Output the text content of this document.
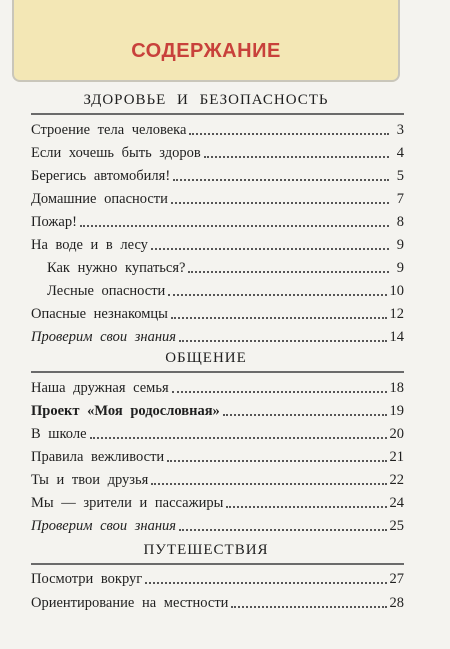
СОДЕРЖАНИЕ
ЗДОРОВЬЕ И БЕЗОПАСНОСТЬ
Строение тела человека	3
Если хочешь быть здоров	4
Берегись автомобиля!	5
Домашние опасности	7
Пожар!	8
На воде и в лесу	9
Как нужно купаться?	9
Лесные опасности	10
Опасные незнакомцы	12
Проверим свои знания	14
ОБЩЕНИЕ
Наша дружная семья	18
Проект «Моя родословная»	19
В школе	20
Правила вежливости	21
Ты и твои друзья	22
Мы — зрители и пассажиры	24
Проверим свои знания	25
ПУТЕШЕСТВИЯ
Посмотри вокруг	27
Ориентирование на местности	28
